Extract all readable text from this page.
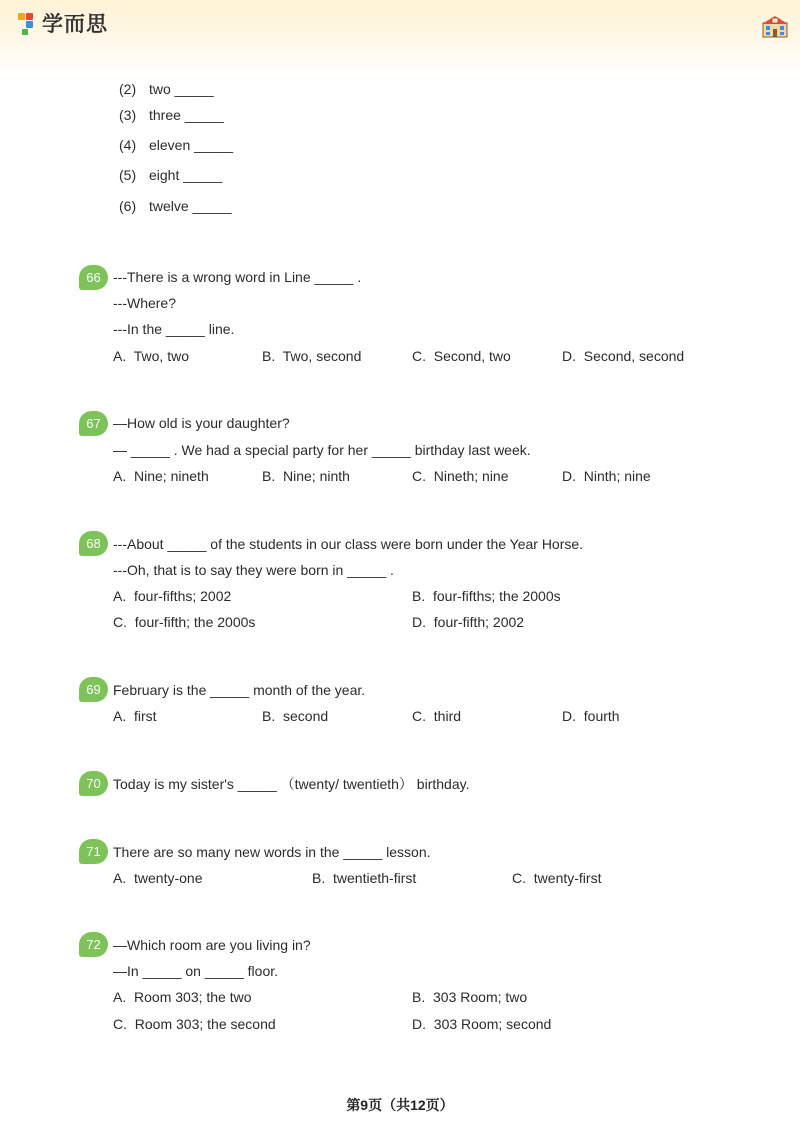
学而思
(2) two _____
(3) three _____
(4) eleven _____
(5) eight _____
(6) twelve _____
66 ---There is a wrong word in Line _____ .
---Where?
---In the _____ line.
A.  Two, two	B.  Two, second	C.  Second, two	D.  Second, second
67 —How old is your daughter?
— _____ . We had a special party for her _____ birthday last week.
A.  Nine; nineth	B.  Nine; ninth	C.  Nineth; nine	D.  Ninth; nine
68 ---About _____ of the students in our class were born under the Year Horse.
---Oh, that is to say they were born in _____ .
A.  four-fifths; 2002	B.  four-fifths; the 2000s
C.  four-fifth; the 2000s	D.  four-fifth; 2002
69 February is the _____ month of the year.
A.  first	B.  second	C.  third	D.  fourth
70 Today is my sister's _____ （twenty/ twentieth） birthday.
71 There are so many new words in the _____ lesson.
A.  twenty-one	B.  twentieth-first	C.  twenty-first
72 —Which room are you living in?
—In _____ on _____ floor.
A.  Room 303; the two	B.  303 Room; two
C.  Room 303; the second	D.  303 Room; second
第9页（共12页）
